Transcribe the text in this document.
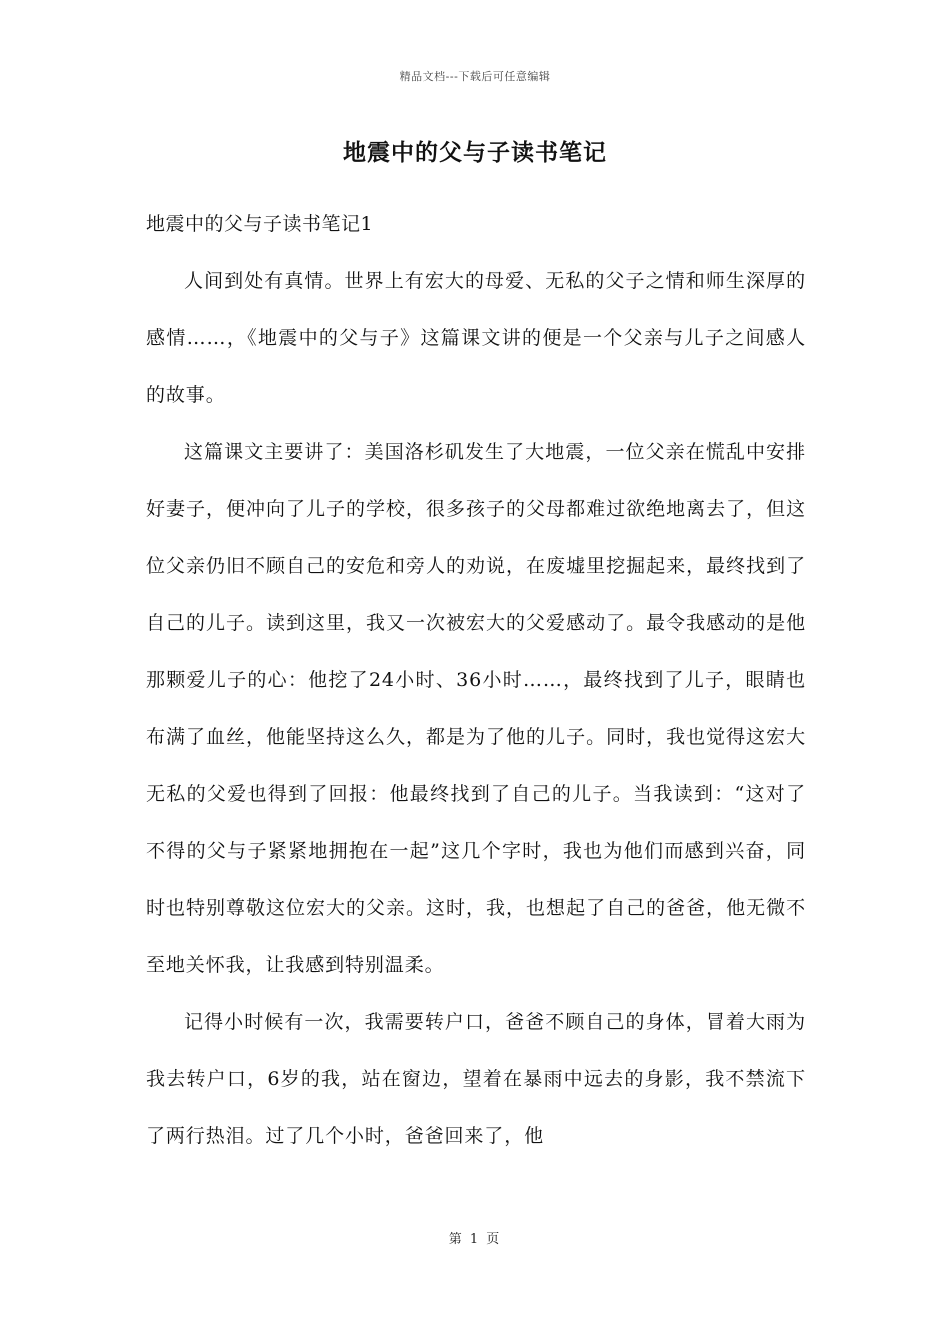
精品文档---下载后可任意编辑
地震中的父与子读书笔记

地震中的父与子读书笔记1

人间到处有真情。世界上有宏大的母爱、无私的父子之情和师生深厚的感情……，《地震中的父与子》这篇课文讲的便是一个父亲与儿子之间感人的故事。

这篇课文主要讲了：美国洛杉矶发生了大地震，一位父亲在慌乱中安排好妻子，便冲向了儿子的学校，很多孩子的父母都难过欲绝地离去了，但这位父亲仍旧不顾自己的安危和旁人的劝说，在废墟里挖掘起来，最终找到了自己的儿子。读到这里，我又一次被宏大的父爱感动了。最令我感动的是他那颗爱儿子的心：他挖了24小时、36小时……，最终找到了儿子，眼睛也布满了血丝，他能坚持这么久，都是为了他的儿子。同时，我也觉得这宏大无私的父爱也得到了回报：他最终找到了自己的儿子。当我读到：“这对了不得的父与子紧紧地拥抱在一起”这几个字时，我也为他们而感到兴奋，同时也特别尊敬这位宏大的父亲。这时，我，也想起了自己的爸爸，他无微不至地关怀我，让我感到特别温柔。

记得小时候有一次，我需要转户口，爸爸不顾自己的身体，冒着大雨为我去转户口，6岁的我，站在窗边，望着在暴雨中远去的身影，我不禁流下了两行热泪。过了几个小时，爸爸回来了，他

第 1 页
